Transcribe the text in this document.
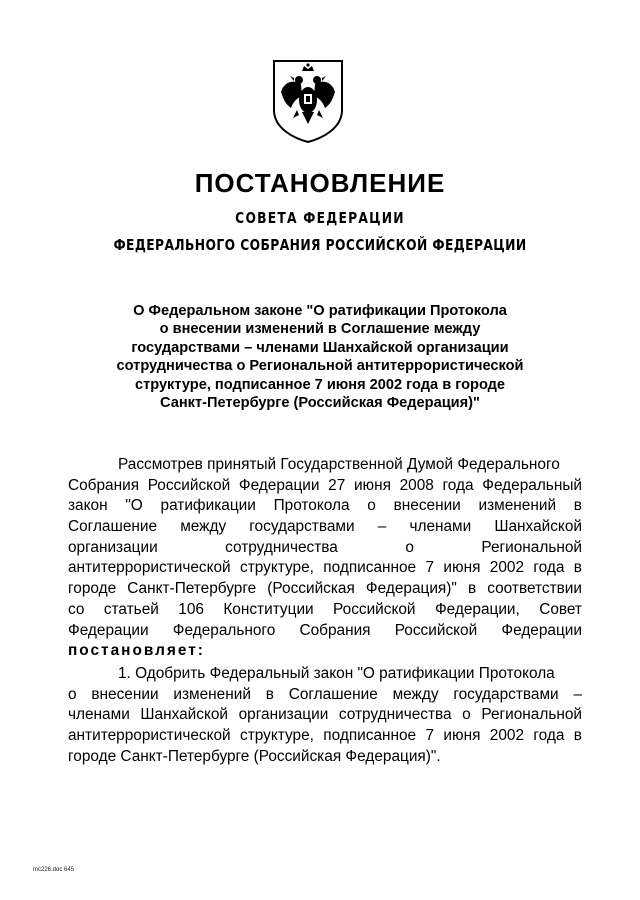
ПОСТАНОВЛЕНИЕ
СОВЕТА ФЕДЕРАЦИИ
ФЕДЕРАЛЬНОГО СОБРАНИЯ РОССИЙСКОЙ ФЕДЕРАЦИИ
О Федеральном законе "О ратификации Протокола
о внесении изменений в Соглашение между
государствами – членами Шанхайской организации
сотрудничества о Региональной антитеррористической
структуре, подписанное 7 июня 2002 года в городе
Санкт-Петербурге (Российская Федерация)"
Рассмотрев принятый Государственной Думой Федерального
Собрания Российской Федерации 27 июня 2008 года Федеральный
закон "О ратификации Протокола о внесении изменений в
Соглашение между государствами – членами Шанхайской
организации сотрудничества о Региональной
антитеррористической структуре, подписанное 7 июня 2002 года в
городе Санкт-Петербурге (Российская Федерация)" в соответствии
со статьей 106 Конституции Российской Федерации, Совет
Федерации Федерального Собрания Российской Федерации
постановляет:
1. Одобрить Федеральный закон "О ратификации Протокола
о внесении изменений в Соглашение между государствами –
членами Шанхайской организации сотрудничества о Региональной
антитеррористической структуре, подписанное 7 июня 2002 года в
городе Санкт-Петербурге (Российская Федерация)".
mc226.doc 645
